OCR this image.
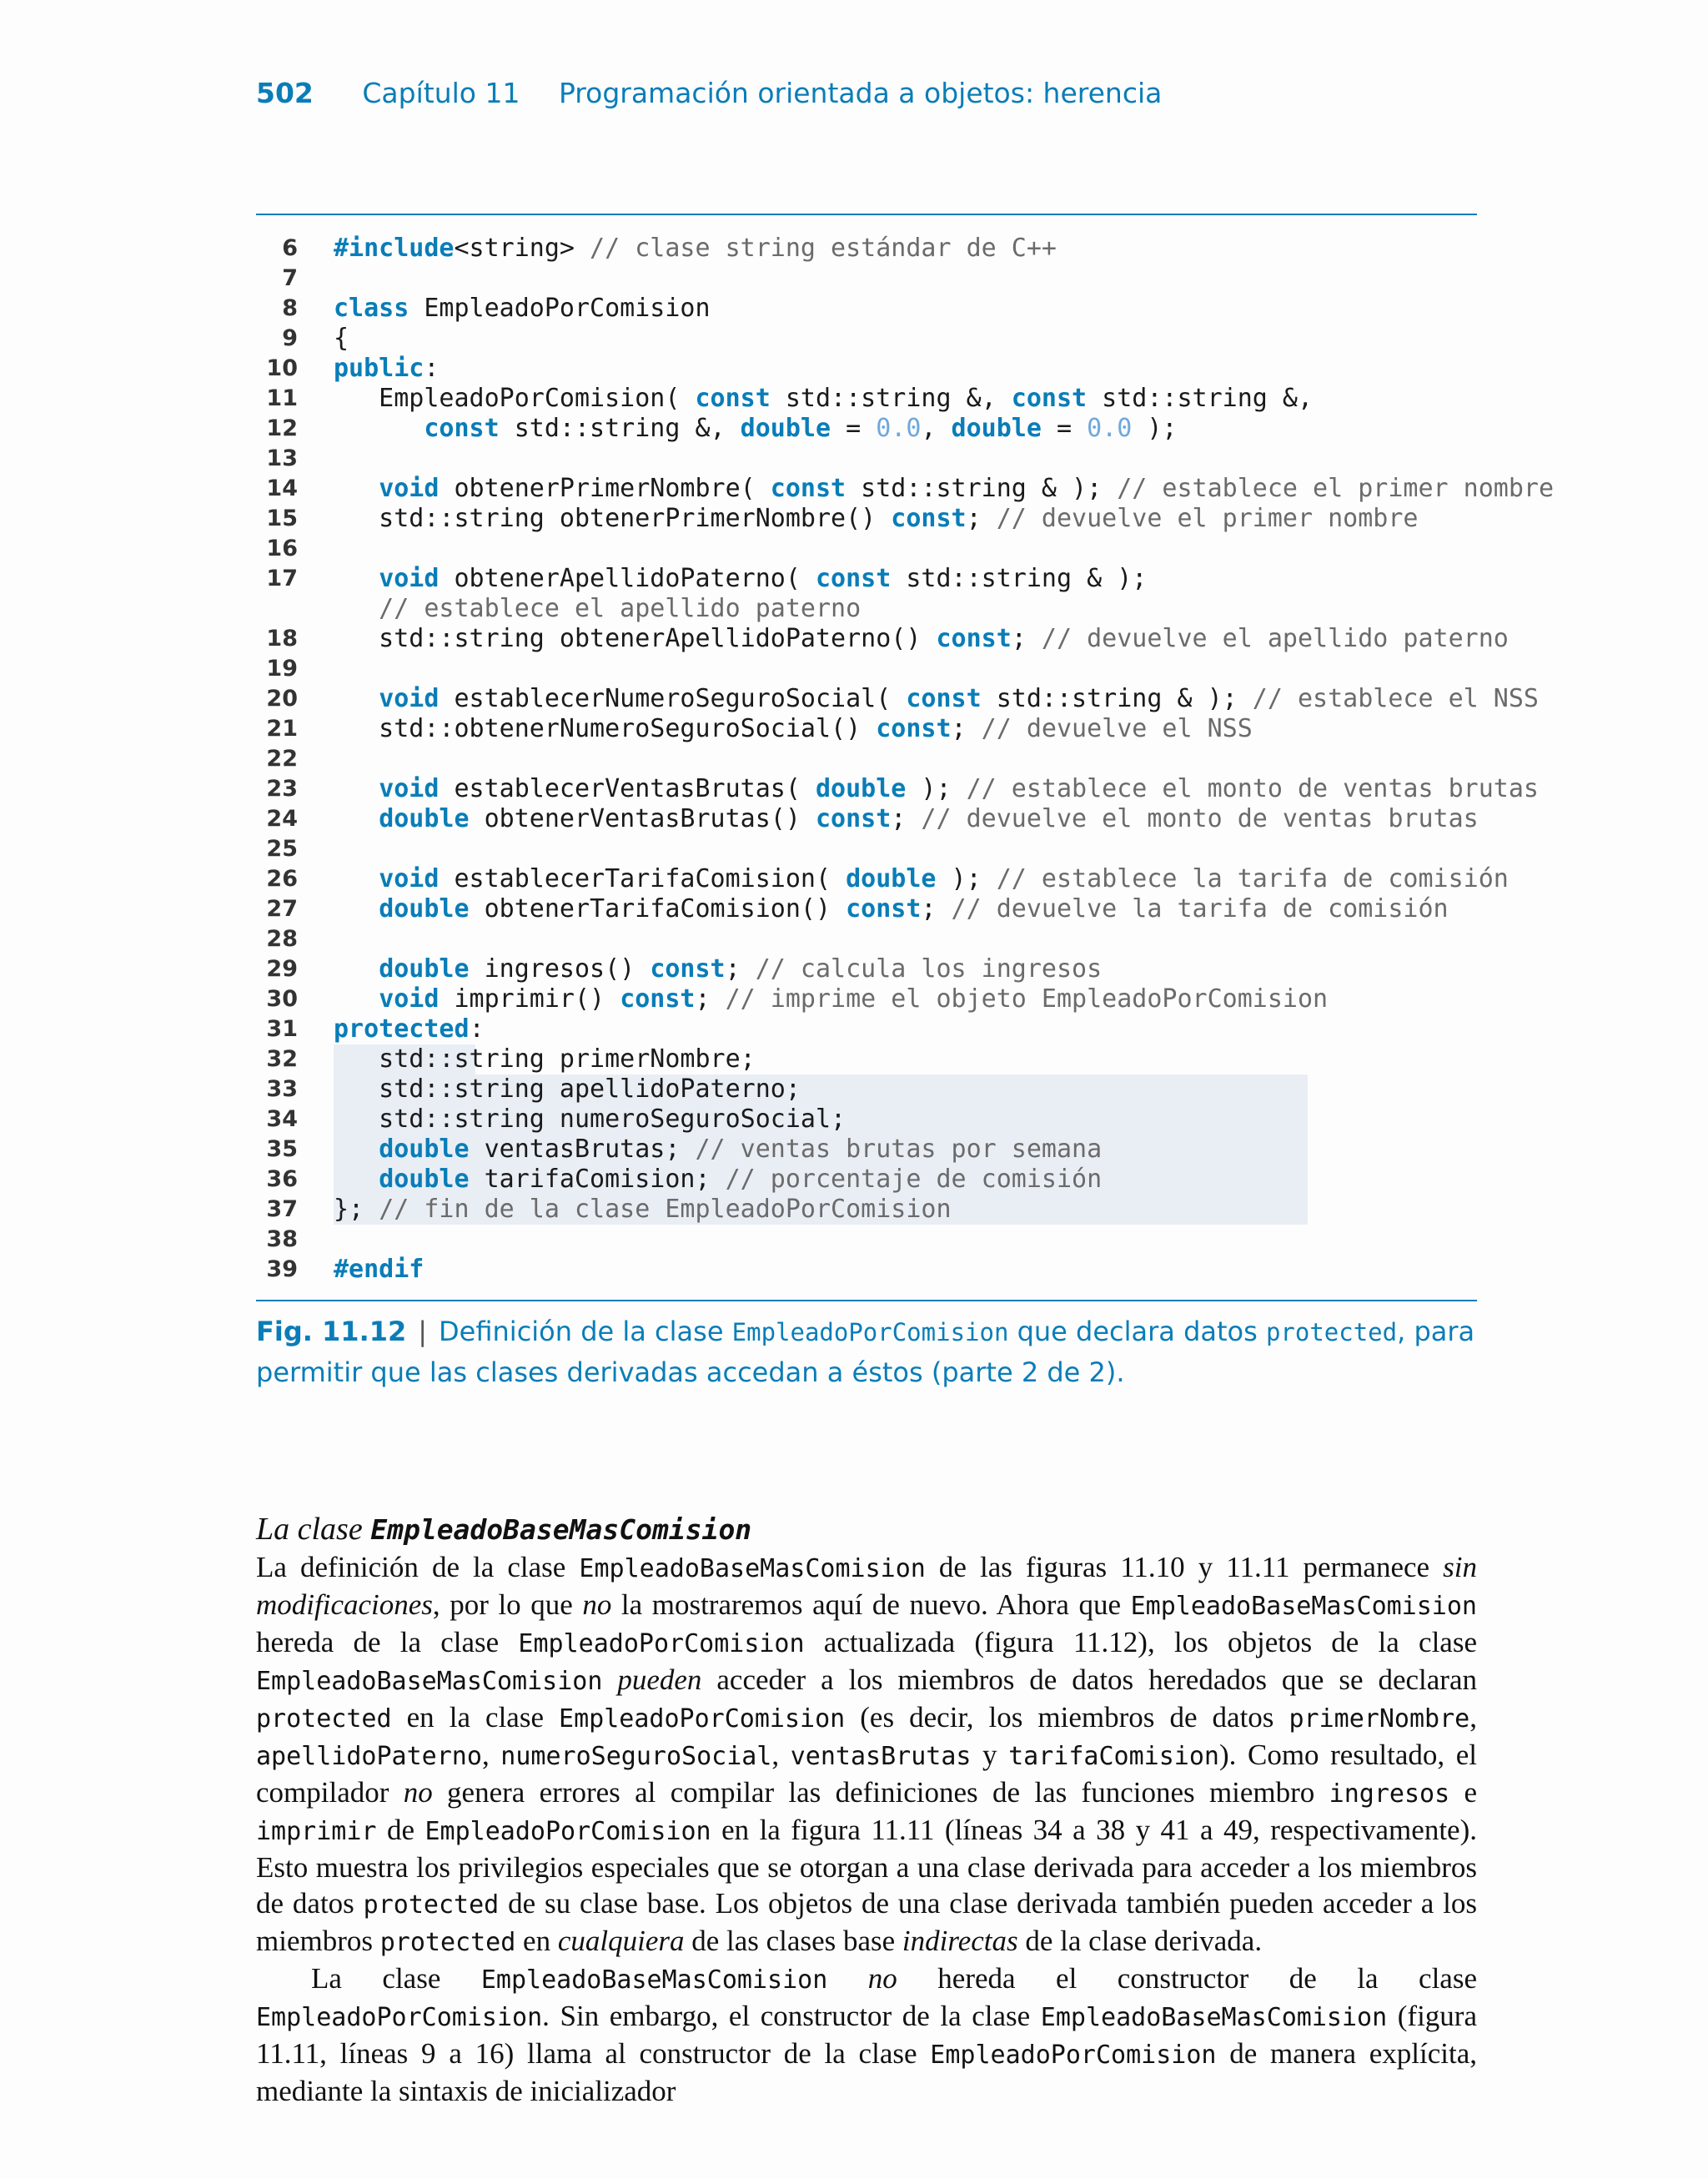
502 Capítulo 11 Programación orientada a objetos: herencia
6 #include<string> // clase string estándar de C++
7
8 class EmpleadoPorComision
9 {
10 public:
11 EmpleadoPorComision( const std::string &, const std::string &,
12	const std::string &, double = 0.0, double = 0.0 );
13
14	void obtenerPrimerNombre( const std::string & ); // establece el primer nombre
15 std::string obtenerPrimerNombre() const; // devuelve el primer nombre
16
17	void obtenerApellidoPaterno( const std::string & );
// establece el apellido paterno
18 std::string obtenerApellidoPaterno() const; // devuelve el apellido paterno
19
20	void establecerNumeroSeguroSocial( const std::string & ); // establece el NSS
21 std::obtenerNumeroSeguroSocial() const; // devuelve el NSS
22
23	void establecerVentasBrutas( double ); // establece el monto de ventas brutas
24	double obtenerVentasBrutas() const; // devuelve el monto de ventas brutas
25
26	void establecerTarifaComision( double ); // establece la tarifa de comisión
27	double obtenerTarifaComision() const; // devuelve la tarifa de comisión
28
29	double ingresos() const; // calcula los ingresos
30	void imprimir() const; // imprime el objeto EmpleadoPorComision
31 protected:
32 std::string primerNombre;
33 std::string apellidoPaterno;
34 std::string numeroSeguroSocial;
35	double ventasBrutas; // ventas brutas por semana
36	double tarifaComision; // porcentaje de comisión
37 }; // fin de la clase EmpleadoPorComision
38
39 #endif
Fig. 11.12 | Definición de la clase EmpleadoPorComision que declara datos protected, para permitir que las clases derivadas accedan a éstos (parte 2 de 2).
La clase EmpleadoBaseMasComision

La definición de la clase EmpleadoBaseMasComision de las figuras 11.10 y 11.11 permanece sin modificaciones, por lo que no la mostraremos aquí de nuevo. Ahora que EmpleadoBaseMasComision hereda de la clase EmpleadoPorComision actualizada (figura 11.12), los objetos de la clase EmpleadoBaseMasComision pueden acceder a los miembros de datos heredados que se declaran protected en la clase EmpleadoPorComision (es decir, los miembros de datos primerNombre, apellidoPaterno, numeroSeguroSocial, ventasBrutas y tarifaComision). Como resultado, el compilador no genera errores al compilar las definiciones de las funciones miembro ingresos e imprimir de EmpleadoPorComision en la figura 11.11 (líneas 34 a 38 y 41 a 49, respectivamente). Esto muestra los privilegios especiales que se otorgan a una clase derivada para acceder a los miembros de datos protected de su clase base. Los objetos de una clase derivada también pueden acceder a los miembros protected en cualquiera de las clases base indirectas de la clase derivada.

La clase EmpleadoBaseMasComision no hereda el constructor de la clase EmpleadoPorComision. Sin embargo, el constructor de la clase EmpleadoBaseMasComision (figura 11.11, líneas 9 a 16) llama al constructor de la clase EmpleadoPorComision de manera explícita, mediante la sintaxis de inicializador
